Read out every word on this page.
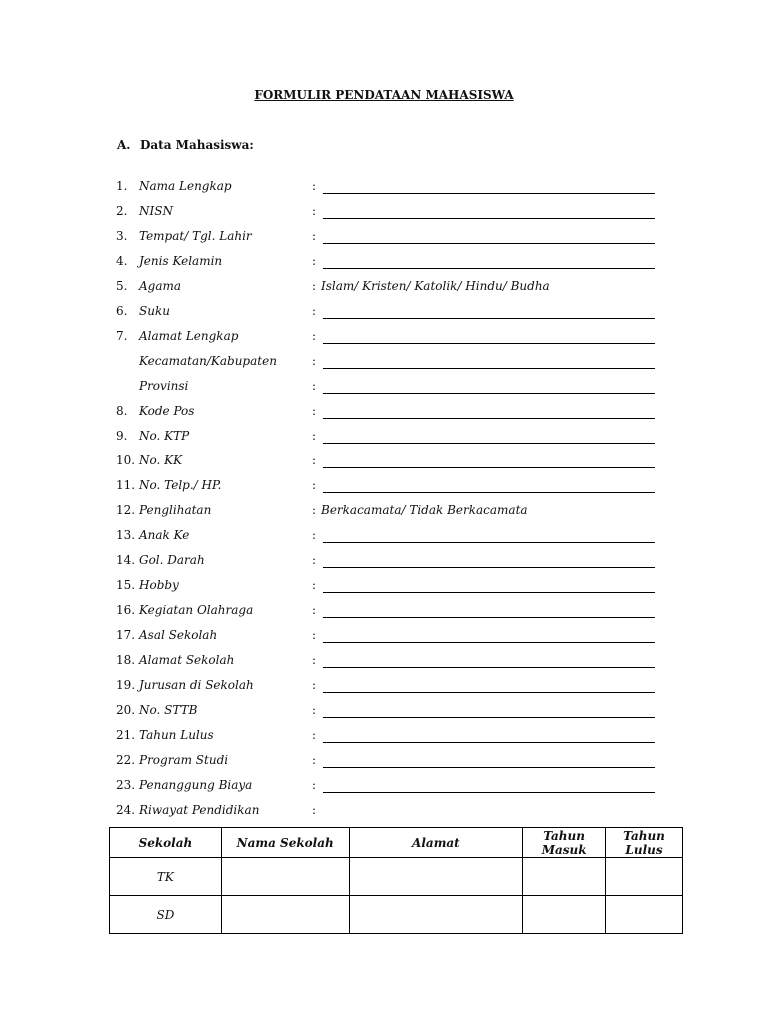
FORMULIR PENDATAAN MAHASISWA
A. Data Mahasiswa:
1. Nama Lengkap	:
2. NISN	:
3. Tempat/ Tgl. Lahir	:
4. Jenis Kelamin	:
5. Agama	: Islam/ Kristen/ Katolik/ Hindu/ Budha
6. Suku	:
7. Alamat Lengkap	:
Kecamatan/Kabupaten	:
Provinsi	:
8. Kode Pos	:
9. No. KTP	:
10. No. KK	:
11. No. Telp./ HP.	:
12. Penglihatan	: Berkacamata/ Tidak Berkacamata
13. Anak Ke	:
14. Gol. Darah	:
15. Hobby	:
16. Kegiatan Olahraga	:
17. Asal Sekolah	:
18. Alamat Sekolah	:
19. Jurusan di Sekolah	:
20. No. STTB	:
21. Tahun Lulus	:
22. Program Studi	:
23. Penanggung Biaya	:
24. Riwayat Pendidikan	:
Sekolah	Nama Sekolah	Alamat	Tahun Masuk	Tahun Lulus
TK				
SD				
